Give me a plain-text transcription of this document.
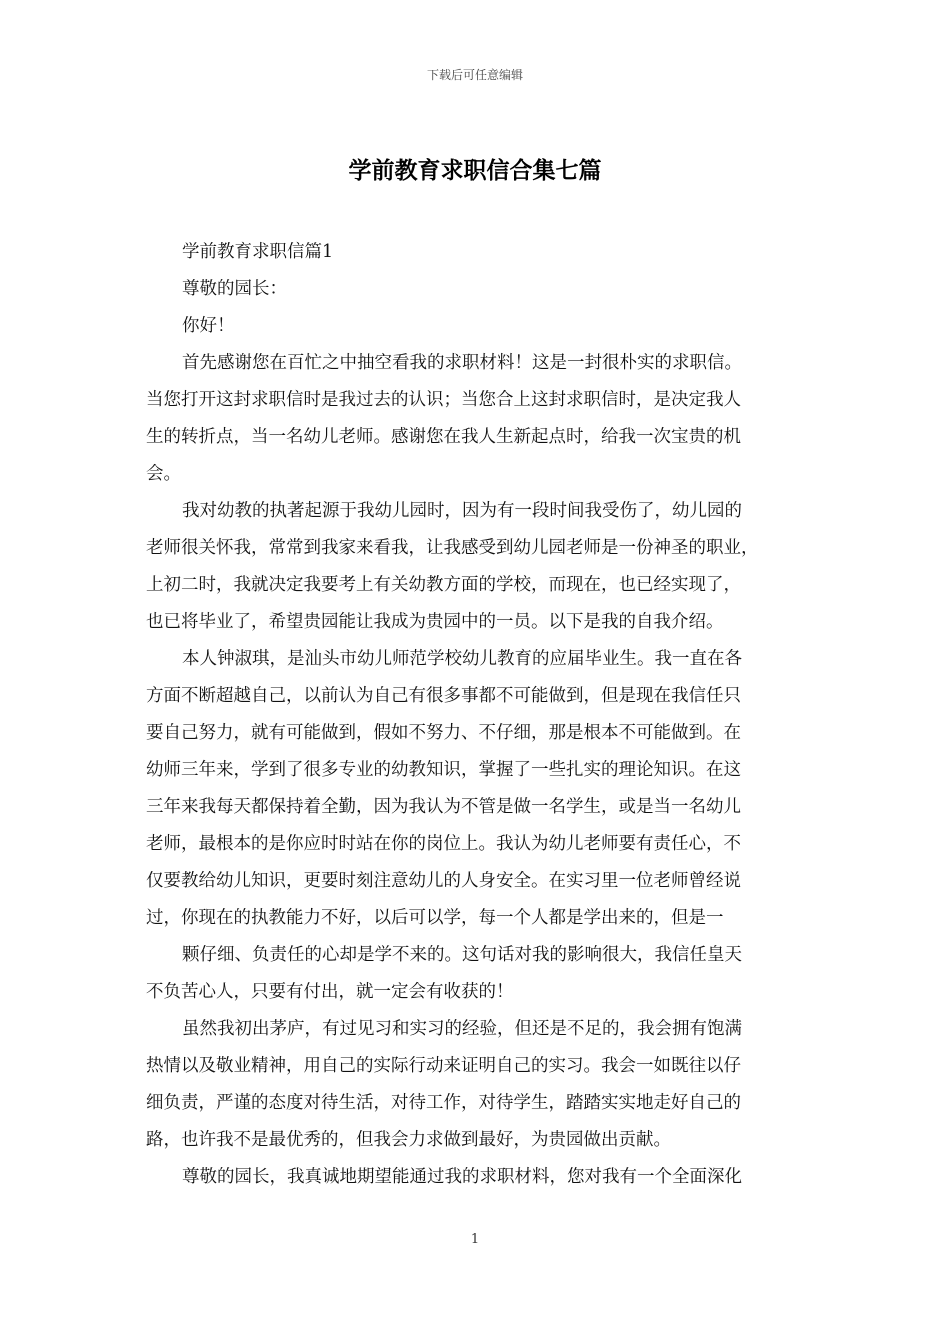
下载后可任意编辑
学前教育求职信合集七篇
学前教育求职信篇1
尊敬的园长：
你好！
首先感谢您在百忙之中抽空看我的求职材料！这是一封很朴实的求职信。
当您打开这封求职信时是我过去的认识；当您合上这封求职信时，是决定我人
生的转折点，当一名幼儿老师。感谢您在我人生新起点时，给我一次宝贵的机
会。
我对幼教的执著起源于我幼儿园时，因为有一段时间我受伤了，幼儿园的
老师很关怀我，常常到我家来看我，让我感受到幼儿园老师是一份神圣的职业，
上初二时，我就决定我要考上有关幼教方面的学校，而现在，也已经实现了，
也已将毕业了，希望贵园能让我成为贵园中的一员。以下是我的自我介绍。
本人钟淑琪，是汕头市幼儿师范学校幼儿教育的应届毕业生。我一直在各
方面不断超越自己，以前认为自己有很多事都不可能做到，但是现在我信任只
要自己努力，就有可能做到，假如不努力、不仔细，那是根本不可能做到。在
幼师三年来，学到了很多专业的幼教知识，掌握了一些扎实的理论知识。在这
三年来我每天都保持着全勤，因为我认为不管是做一名学生，或是当一名幼儿
老师，最根本的是你应时时站在你的岗位上。我认为幼儿老师要有责任心，不
仅要教给幼儿知识，更要时刻注意幼儿的人身安全。在实习里一位老师曾经说
过，你现在的执教能力不好，以后可以学，每一个人都是学出来的，但是一
颗仔细、负责任的心却是学不来的。这句话对我的影响很大，我信任皇天
不负苦心人，只要有付出，就一定会有收获的！
虽然我初出茅庐，有过见习和实习的经验，但还是不足的，我会拥有饱满
热情以及敬业精神，用自己的实际行动来证明自己的实习。我会一如既往以仔
细负责，严谨的态度对待生活，对待工作，对待学生，踏踏实实地走好自己的
路，也许我不是最优秀的，但我会力求做到最好，为贵园做出贡献。
尊敬的园长，我真诚地期望能通过我的求职材料，您对我有一个全面深化
1
